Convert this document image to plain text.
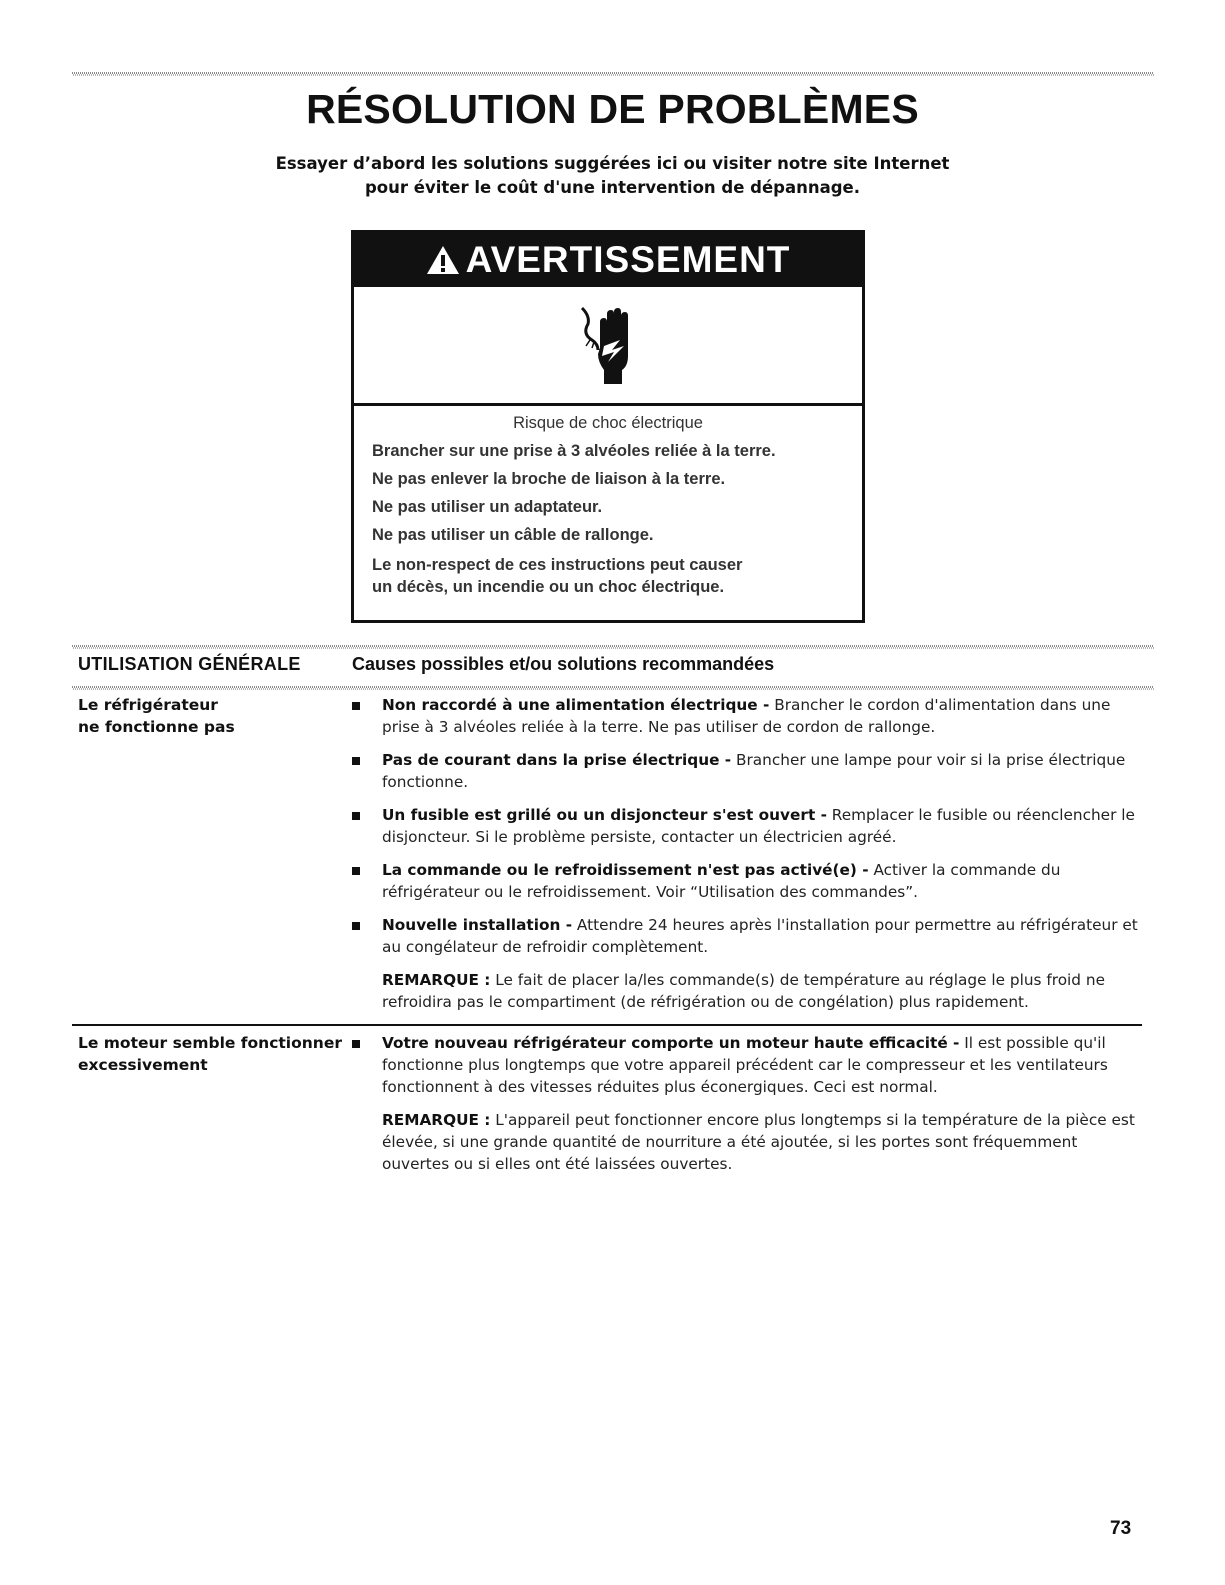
RÉSOLUTION DE PROBLÈMES
Essayer d’abord les solutions suggérées ici ou visiter notre site Internet
pour éviter le coût d'une intervention de dépannage.
AVERTISSEMENT
Risque de choc électrique
Brancher sur une prise à 3 alvéoles reliée à la terre.
Ne pas enlever la broche de liaison à la terre.
Ne pas utiliser un adaptateur.
Ne pas utiliser un câble de rallonge.
Le non-respect de ces instructions peut causer
un décès, un incendie ou un choc électrique.
UTILISATION GÉNÉRALE	Causes possibles et/ou solutions recommandées
Le réfrigérateur
ne fonctionne pas
Non raccordé à une alimentation électrique - Brancher le cordon d'alimentation dans une prise à 3 alvéoles reliée à la terre. Ne pas utiliser de cordon de rallonge.
Pas de courant dans la prise électrique - Brancher une lampe pour voir si la prise électrique fonctionne.
Un fusible est grillé ou un disjoncteur s'est ouvert - Remplacer le fusible ou réenclencher le disjoncteur. Si le problème persiste, contacter un électricien agréé.
La commande ou le refroidissement n'est pas activé(e) - Activer la commande du réfrigérateur ou le refroidissement. Voir “Utilisation des commandes”.
Nouvelle installation - Attendre 24 heures après l'installation pour permettre au réfrigérateur et au congélateur de refroidir complètement.
REMARQUE : Le fait de placer la/les commande(s) de température au réglage le plus froid ne refroidira pas le compartiment (de réfrigération ou de congélation) plus rapidement.
Le moteur semble fonctionner
excessivement
Votre nouveau réfrigérateur comporte un moteur haute efficacité - Il est possible qu'il fonctionne plus longtemps que votre appareil précédent car le compresseur et les ventilateurs fonctionnent à des vitesses réduites plus éconergiques. Ceci est normal.
REMARQUE : L'appareil peut fonctionner encore plus longtemps si la température de la pièce est élevée, si une grande quantité de nourriture a été ajoutée, si les portes sont fréquemment ouvertes ou si elles ont été laissées ouvertes.
73
